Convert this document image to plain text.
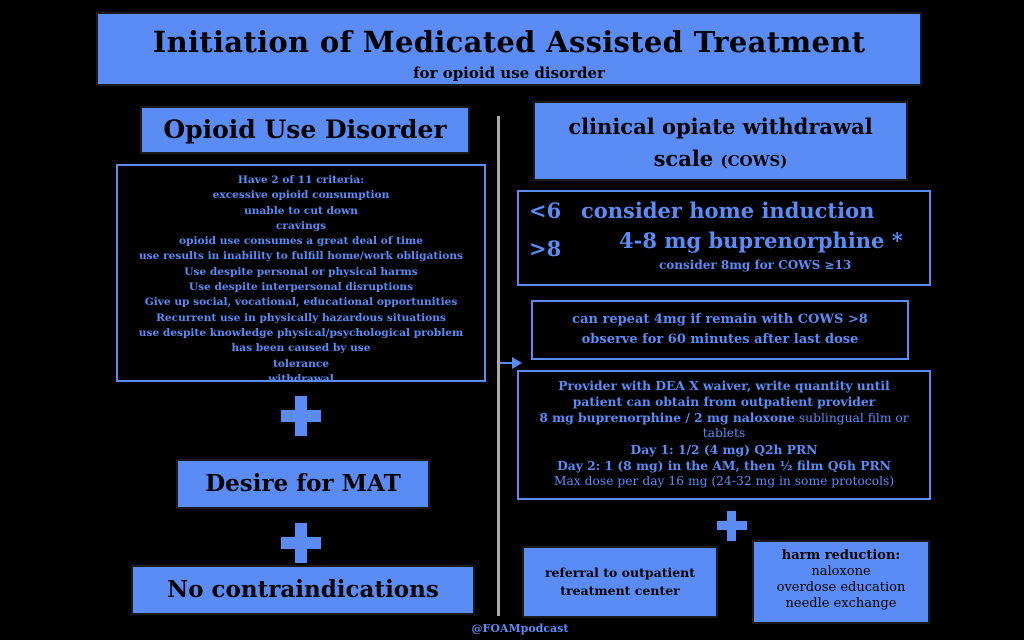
Initiation of Medicated Assisted Treatment
for opioid use disorder
Opioid Use Disorder
Have 2 of 11 criteria:
excessive opioid consumption
unable to cut down
cravings
opioid use consumes a great deal of time
use results in inability to fulfill home/work obligations
Use despite personal or physical harms
Use despite interpersonal disruptions
Give up social, vocational, educational opportunities
Recurrent use in physically hazardous situations
use despite knowledge physical/psychological problem
has been caused by use
tolerance
withdrawal
Desire for MAT
No contraindications
clinical opiate withdrawal
scale (COWS)
<6
>8
consider home induction
4-8 mg buprenorphine *
consider 8mg for COWS ≥13
can repeat 4mg if remain with COWS >8
observe for 60 minutes after last dose
Provider with DEA X waiver, write quantity until
patient can obtain from outpatient provider
8 mg buprenorphine / 2 mg naloxone sublingual film or
tablets
Day 1: 1/2 (4 mg) Q2h PRN
Day 2: 1 (8 mg) in the AM, then ½ film Q6h PRN
Max dose per day 16 mg (24-32 mg in some protocols)
referral to outpatient
treatment center
harm reduction:
naloxone
overdose education
needle exchange
@FOAMpodcast
